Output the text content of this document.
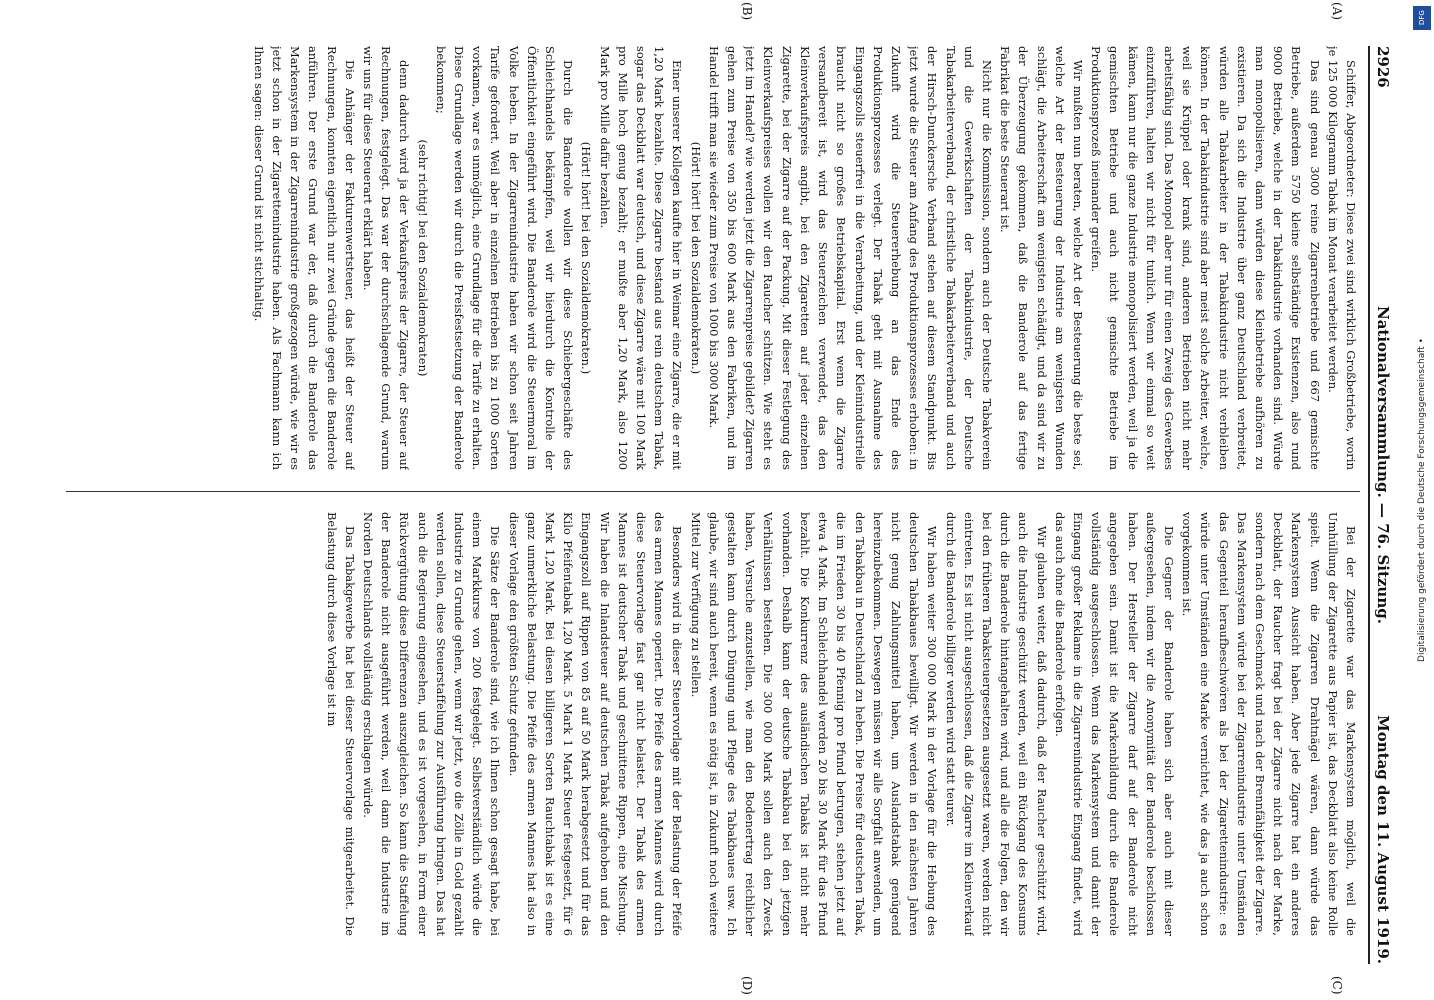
2926
Nationalversammlung. — 76. Sitzung.
Montag den 11. August 1919.
(A)
(B)
(C)
(D)

Schiffer, Abgeordneter: Diese zwei sind wirklich Großbetriebe, worin je 125 000 Kilogramm Tabak im Monat verarbeitet werden.

Das sind genau 3000 reine Zigarrenbetriebe und 667 gemischte Betriebe, außerdem 5750 kleine selbständige Existenzen, also rund 9000 Betriebe, welche in der Tabakindustrie vorhanden sind. Würde man monopolisieren, dann würden diese Kleinbetriebe aufhören zu existieren. Da sich die Industrie über ganz Deutschland verbreitet, würden alle Tabakarbeiter in der Tabakindustrie nicht verbleiben können. In der Tabakindustrie sind aber meist solche Arbeiter, welche, weil sie Krüppel oder krank sind, anderen Betrieben nicht mehr arbeitsfähig sind. Das Monopol aber nur für einen Zweig des Gewerbes einzuführen, halten wir nicht für tunlich. Wenn wir einmal so weit kämen, kann nur die ganze Industrie monopolisiert werden, weil ja die gemischten Betriebe und auch nicht gemischte Betriebe im Produktionsprozeß ineinander greifen.

Wir mußten nun beraten, welche Art der Besteuerung die beste sei, welche Art der Besteuerung der Industrie am wenigsten Wunden schlägt, die Arbeiterschaft am wenigsten schädigt, und da sind wir zu der Überzeugung gekommen, daß die Banderole auf das fertige Fabrikat die beste Steuerart ist.

Nicht nur die Kommission, sondern auch der Deutsche Tabakverein und die Gewerkschaften der Tabakindustrie, der Deutsche Tabakarbeiterverband, der christliche Tabakarbeiterverband und auch der Hirsch-Dunckersche Verband stehen auf diesem Standpunkt. Bis jetzt wurde die Steuer am Anfang des Produktionsprozesses erhoben: in Zukunft wird die Steuererhebung an das Ende des Produktionsprozesses verlegt. Der Tabak geht mit Ausnahme des Eingangszolls steuerfrei in die Verarbeitung, und der Kleinindustrielle braucht nicht so großes Betriebskapital. Erst wenn die Zigarre versandbereit ist, wird das Steuerzeichen verwendet, das den Kleinverkaufspreis angibt, bei den Zigaretten auf jeder einzelnen Zigarette, bei der Zigarre auf der Packung. Mit dieser Festlegung des Kleinverkaufspreises wollen wir den Raucher schützen. Wie steht es jetzt im Handel? wie werden jetzt die Zigarrenpreise gebildet? Zigarren gehen zum Preise von 350 bis 600 Mark aus den Fabriken, und im Handel trifft man sie wieder zum Preise von 1000 bis 3000 Mark.

(Hört! hört! bei den Sozialdemokraten.)

Einer unserer Kollegen kaufte hier in Weimar eine Zigarre, die er mit 1,20 Mark bezahlte. Diese Zigarre bestand aus rein deutschem Tabak, sogar das Deckblatt war deutsch, und diese Zigarre wäre mit 100 Mark pro Mille hoch genug bezahlt; er mußte aber 1,20 Mark, also 1200 Mark pro Mille dafür bezahlen.

(Hört! hört! bei den Sozialdemokraten.)

Durch die Banderole wollen wir diese Schiebergeschäfte des Schleichhandels bekämpfen, weil wir hierdurch die Kontrolle der Öffentlichkeit eingeführt wird. Die Banderole wird die Steuermoral im Volke heben. In der Zigarrenindustrie haben wir schon seit Jahren Tarife gefordert. Weil aber in einzelnen Betrieben bis zu 1000 Sorten vorkamen, war es unmöglich, eine Grundlage für die Tarife zu erhalten. Diese Grundlage werden wir durch die Preisfestsetzung der Banderole bekommen;

(sehr richtig! bei den Sozialdemokraten)

denn dadurch wird ja der Verkaufspreis der Zigarre, der Steuer auf Rechnungen, festgelegt. Das war der durchschlagende Grund, warum wir uns für diese Steuerart erklärt haben.

Die Anhänger der Fakturenwertsteuer, das heißt der Steuer auf Rechnungen, konnten eigentlich nur zwei Gründe gegen die Banderole anführen. Der erste Grund war der, daß durch die Banderole das Markensystem in der Zigarrenindustrie großgezogen würde, wie wir es jetzt schon in der Zigarettenindustrie haben. Als Fachmann kann ich Ihnen sagen: dieser Grund ist nicht stichhaltig.

Bei der Zigarette war das Markensystem möglich, weil die Umhüllung der Zigarette aus Papier ist, das Deckblatt also keine Rolle spielt. Wenn die Zigarren Drahtnägel wären, dann würde das Markensystem Aussicht haben. Aber jede Zigarre hat ein anderes Deckblatt, der Raucher fragt bei der Zigarre nicht nach der Marke, sondern nach dem Geschmack und nach der Brennfähigkeit der Zigarre. Das Markensystem würde bei der Zigarrenindustrie unter Umständen das Gegenteil heraufbeschwören als bei der Zigarettenindustrie: es würde unter Umständen eine Marke vernichtet, wie das ja auch schon vorgekommen ist.

Die Gegner der Banderole haben sich aber auch mit dieser außergesehen, indem wir die Anonymität der Banderole beschlossen haben. Der Hersteller der Zigarre darf auf der Banderole nicht angegeben sein. Damit ist die Markenbildung durch die Banderole vollständig ausgeschlossen. Wenn das Markensystem und damit der Eingang großer Reklame in die Zigarrenindustrie Eingang findet, wird das auch ohne die Banderole erfolgen.

Wir glauben weiter, daß dadurch, daß der Raucher geschützt wird, auch die Industrie geschützt werden, weil ein Rückgang des Konsums durch die Banderole hintangehalten wird, und alle die Folgen, den wir bei den früheren Tabaksteuergesetzen ausgesetzt waren, werden nicht eintreten. Es ist nicht ausgeschlossen, daß die Zigarre im Kleinverkauf durch die Banderole billiger werden wird statt teurer.

Wir haben weiter 300 000 Mark in der Vorlage für die Hebung des deutschen Tabakbaues bewilligt. Wir werden in den nächsten Jahren nicht genug Zahlungsmittel haben, um Auslandstabak genügend hereinzubekommen. Deswegen müssen wir alle Sorgfalt anwenden, um den Tabakbau in Deutschland zu heben. Die Preise für deutschen Tabak, die im Frieden 30 bis 40 Pfennig pro Pfund betrugen, stehen jetzt auf etwa 4 Mark. Im Schleichhandel werden 20 bis 30 Mark für das Pfund bezahlt. Die Konkurrenz des ausländischen Tabaks ist nicht mehr vorhanden. Deshalb kann der deutsche Tabakbau bei den jetzigen Verhältnissen bestehen. Die 300 000 Mark sollen auch den Zweck haben, Versuche anzustellen, wie man den Bodenertrag reichlicher gestalten kann durch Düngung und Pflege des Tabakbaues usw. Ich glaube, wir sind auch bereit, wenn es nötig ist, in Zukunft noch weitere Mittel zur Verfügung zu stellen.

Besonders wird in dieser Steuervorlage mit der Belastung der Pfeife des armen Mannes operiert. Die Pfeife des armen Mannes wird durch diese Steuervorlage fast gar nicht belastet. Der Tabak des armen Mannes ist deutscher Tabak und geschnittene Rippen, eine Mischung. Wir haben die Inlandsteuer auf deutschen Tabak aufgehoben und den Eingangszoll auf Rippen von 85 auf 50 Mark herabgesetzt und für das Kilo Pfeifentabak 1,20 Mark. 5 Mark 1 Mark Steuer festgesetzt, für 6 Mark 1,20 Mark. Bei diesen billigeren Sorten Rauchtabak ist es eine ganz unmerkliche Belastung. Die Pfeife des armen Mannes hat also in dieser Vorlage den größten Schutz gefunden.

Die Sätze der Banderole sind, wie ich Ihnen schon gesagt habe, bei einem Markkurse von 200 festgelegt. Selbstverständlich würde die Industrie zu Grunde gehen, wenn wir jetzt, wo die Zölle in Gold gezahlt werden sollen, diese Steuerstaffelung zur Ausführung bringen. Das hat auch die Regierung eingesehen, und es ist vorgesehen, in Form einer Rückvergütung diese Differenzen auszugleichen. So kann die Staffelung der Banderole nicht ausgeführt werden, weil dann die Industrie im Norden Deutschlands vollständig erschlagen würde.

Das Tabakgewerbe hat bei dieser Steuervorlage mitgearbeitet. Die Belastung durch diese Vorlage ist im

DFG
Digitalisierung gefördert durch die Deutsche Forschungsgemeinschaft •
